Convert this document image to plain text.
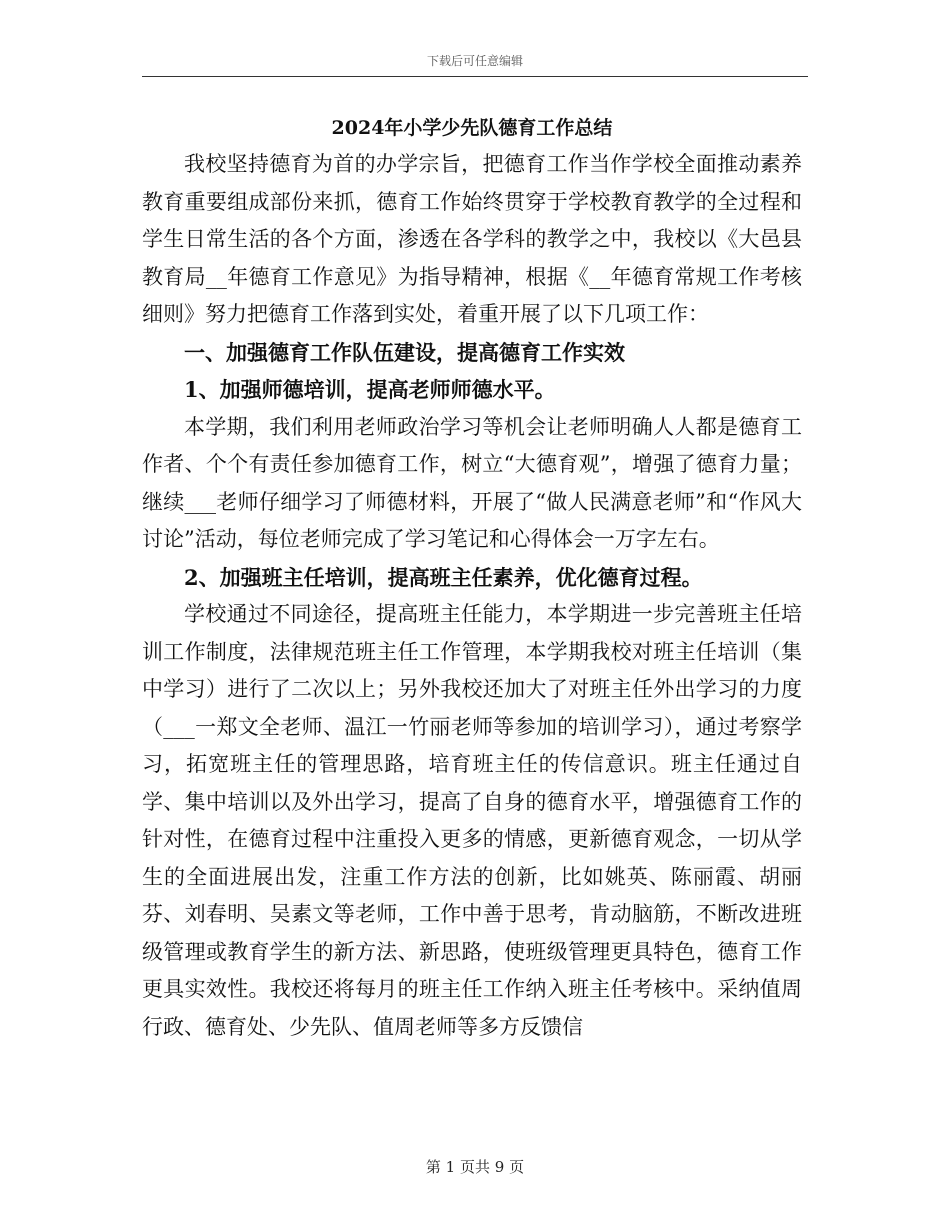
下载后可任意编辑

2024年小学少先队德育工作总结

我校坚持德育为首的办学宗旨，把德育工作当作学校全面推动素养教育重要组成部份来抓，德育工作始终贯穿于学校教育教学的全过程和学生日常生活的各个方面，渗透在各学科的教学之中，我校以《大邑县教育局__年德育工作意见》为指导精神，根据《__年德育常规工作考核细则》努力把德育工作落到实处，着重开展了以下几项工作：

一、加强德育工作队伍建设，提高德育工作实效

1、加强师德培训，提高老师师德水平。

本学期，我们利用老师政治学习等机会让老师明确人人都是德育工作者、个个有责任参加德育工作，树立“大德育观”，增强了德育力量；继续___老师仔细学习了师德材料，开展了“做人民满意老师”和“作风大讨论”活动，每位老师完成了学习笔记和心得体会一万字左右。

2、加强班主任培训，提高班主任素养，优化德育过程。

学校通过不同途径，提高班主任能力，本学期进一步完善班主任培训工作制度，法律规范班主任工作管理，本学期我校对班主任培训（集中学习）进行了二次以上；另外我校还加大了对班主任外出学习的力度（___一郑文全老师、温江一竹丽老师等参加的培训学习），通过考察学习，拓宽班主任的管理思路，培育班主任的传信意识。班主任通过自学、集中培训以及外出学习，提高了自身的德育水平，增强德育工作的针对性，在德育过程中注重投入更多的情感，更新德育观念，一切从学生的全面进展出发，注重工作方法的创新，比如姚英、陈丽霞、胡丽芬、刘春明、吴素文等老师，工作中善于思考，肯动脑筋，不断改进班级管理或教育学生的新方法、新思路，使班级管理更具特色，德育工作更具实效性。我校还将每月的班主任工作纳入班主任考核中。采纳值周行政、德育处、少先队、值周老师等多方反馈信

第 1 页共 9 页
